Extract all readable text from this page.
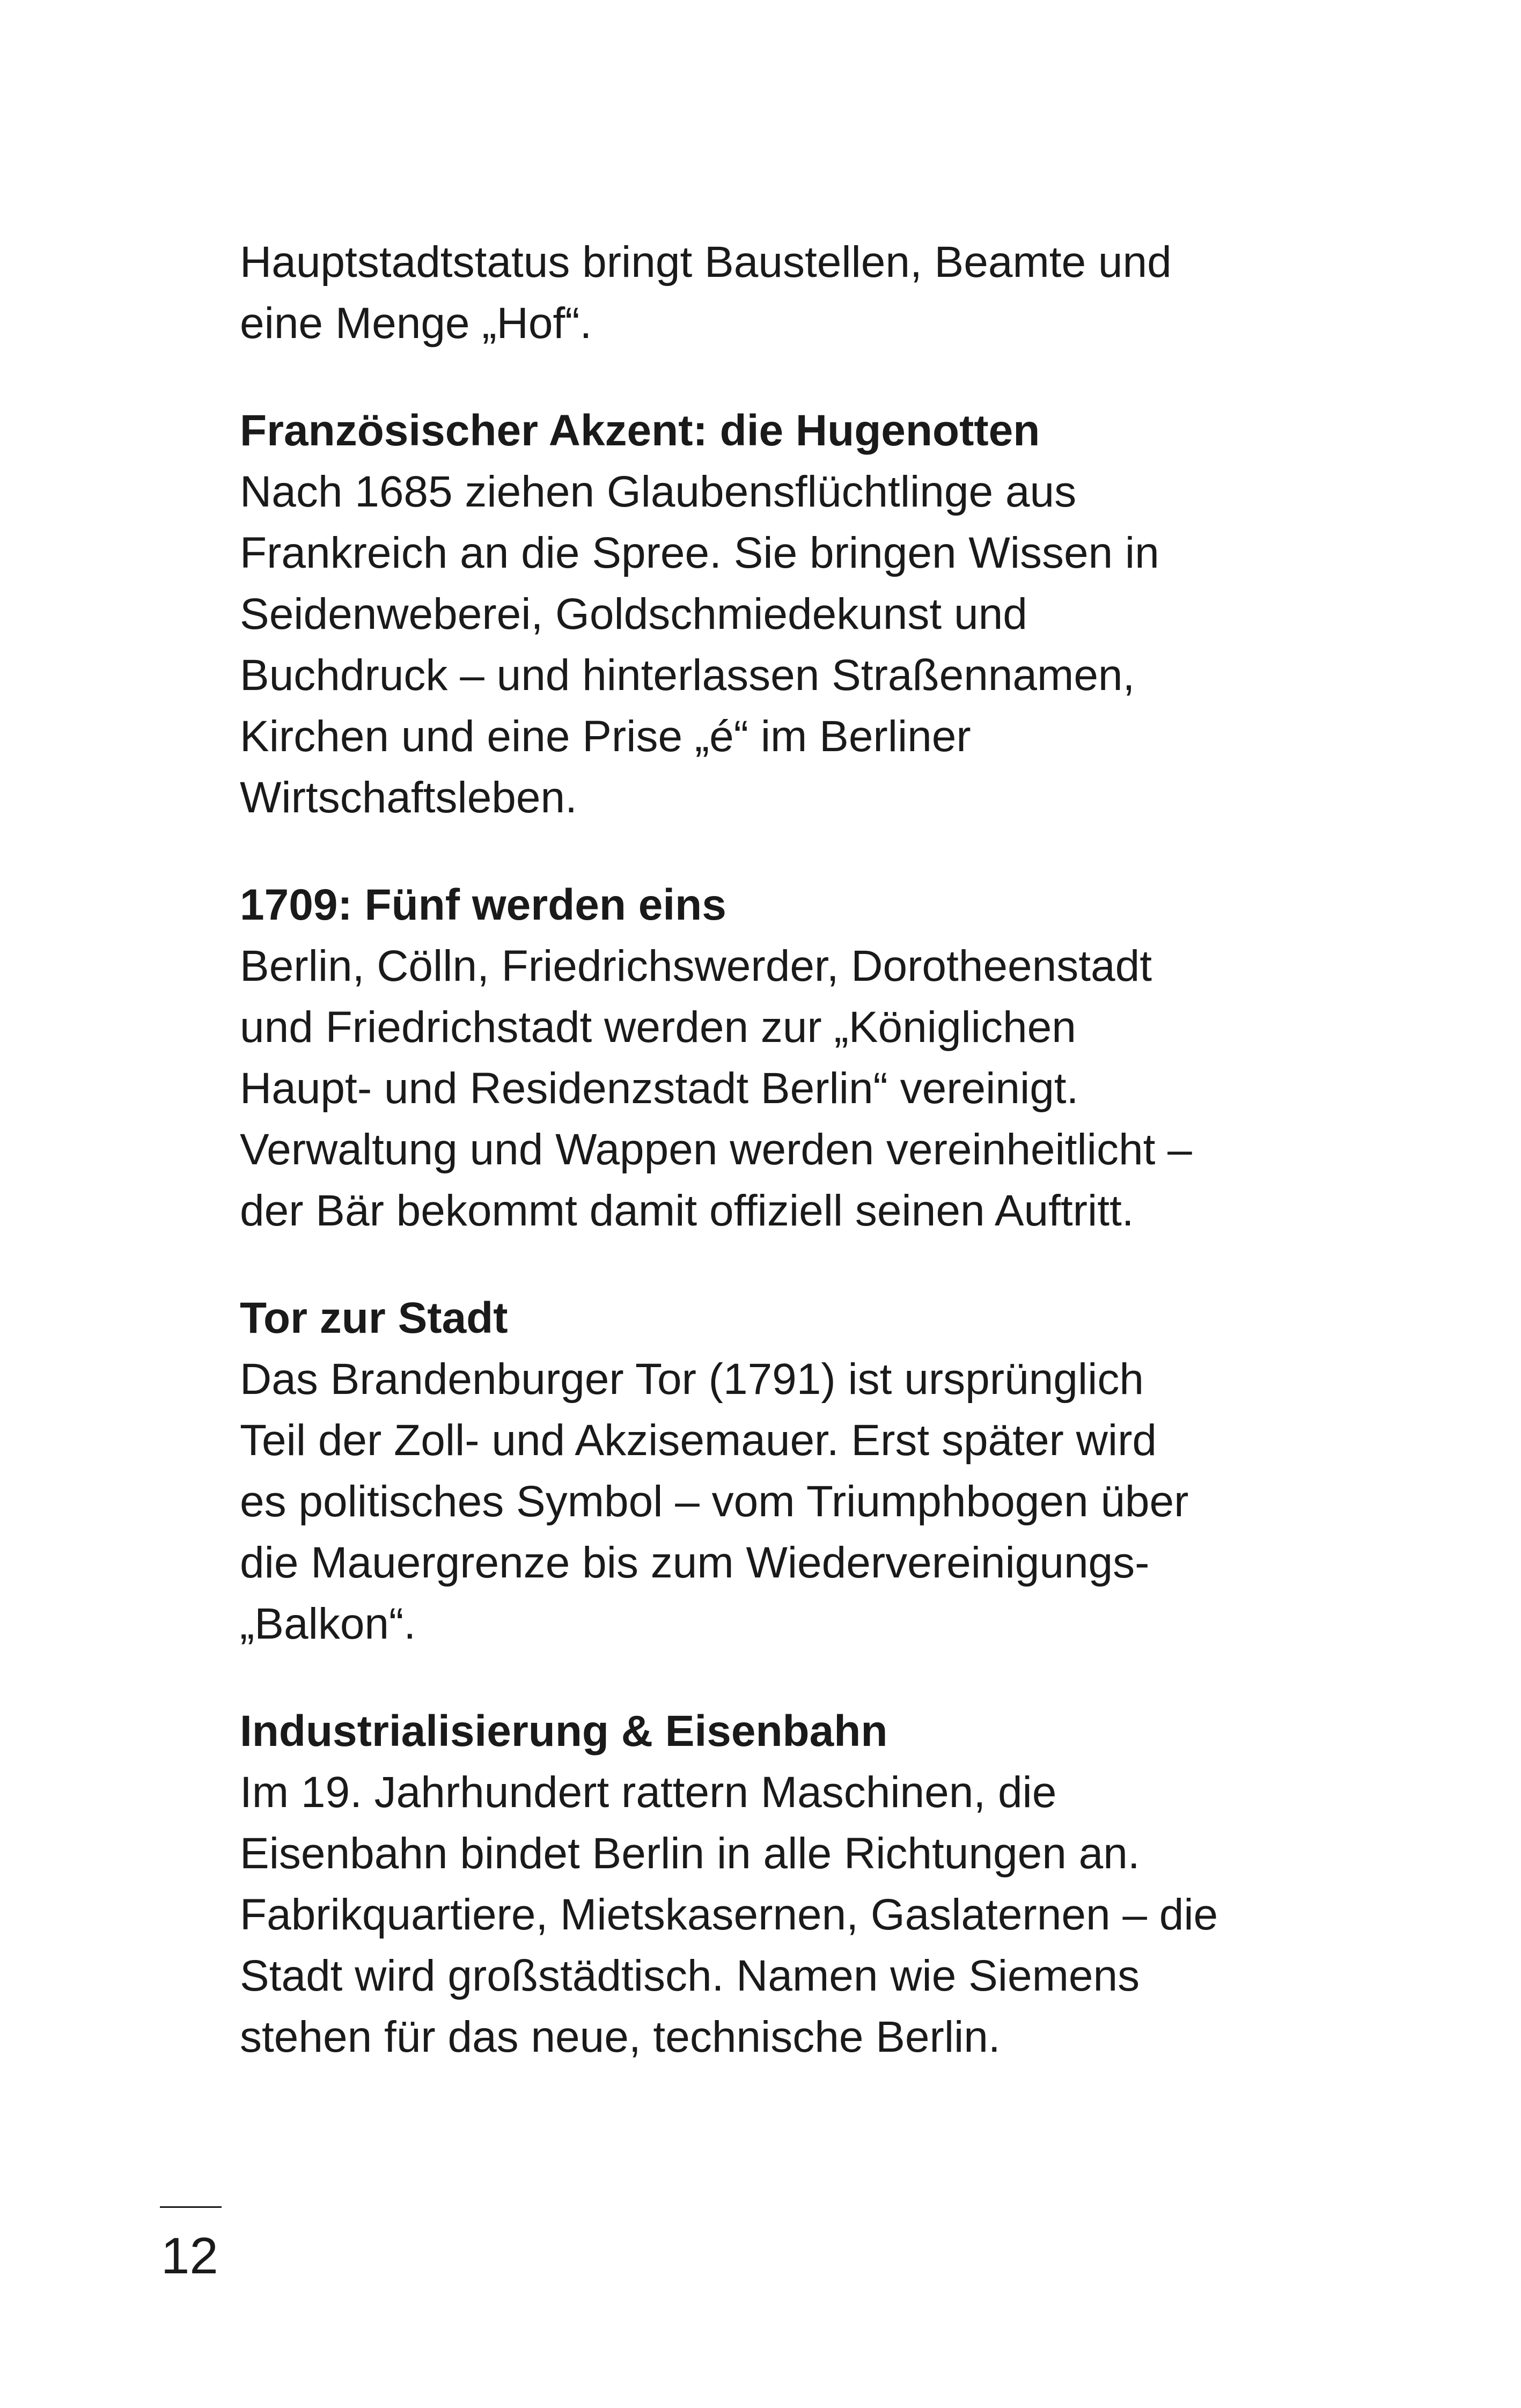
Hauptstadtstatus bringt Baustellen, Beamte und
eine Menge „Hof“.

Französischer Akzent: die Hugenotten

Nach 1685 ziehen Glaubensflüchtlinge aus
Frankreich an die Spree. Sie bringen Wissen in
Seidenweberei, Goldschmiedekunst und
Buchdruck – und hinterlassen Straßennamen,
Kirchen und eine Prise „é“ im Berliner
Wirtschaftsleben.

1709: Fünf werden eins

Berlin, Cölln, Friedrichswerder, Dorotheenstadt
und Friedrichstadt werden zur „Königlichen
Haupt- und Residenzstadt Berlin“ vereinigt.
Verwaltung und Wappen werden vereinheitlicht –
der Bär bekommt damit offiziell seinen Auftritt.

Tor zur Stadt

Das Brandenburger Tor (1791) ist ursprünglich
Teil der Zoll- und Akzisemauer. Erst später wird
es politisches Symbol – vom Triumphbogen über
die Mauergrenze bis zum Wiedervereinigungs-
„Balkon“.

Industrialisierung & Eisenbahn

Im 19. Jahrhundert rattern Maschinen, die
Eisenbahn bindet Berlin in alle Richtungen an.
Fabrikquartiere, Mietskasernen, Gaslaternen – die
Stadt wird großstädtisch. Namen wie Siemens
stehen für das neue, technische Berlin.

12
